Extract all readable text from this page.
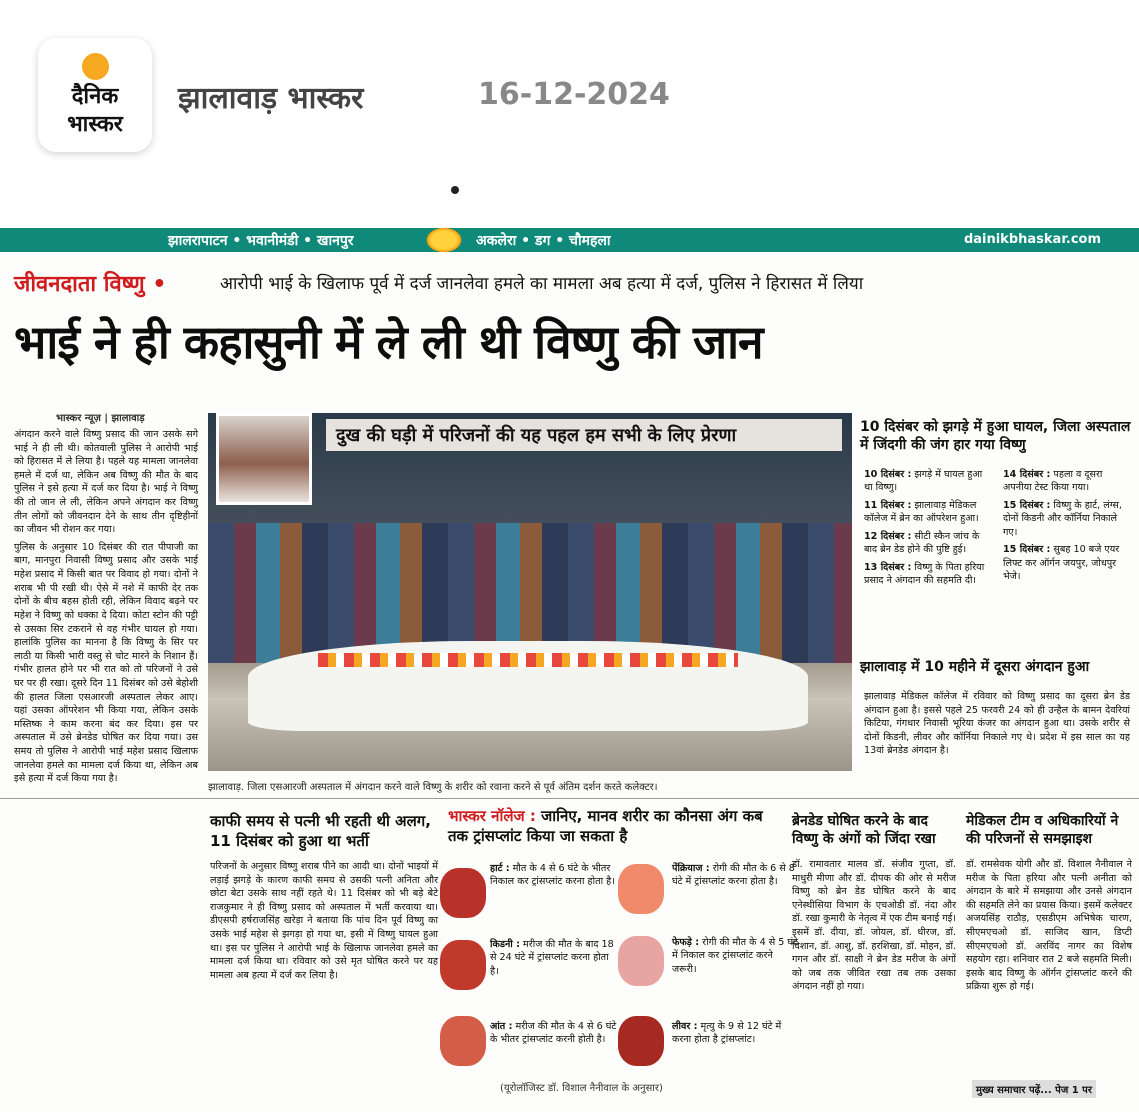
दैनिक
भास्कर
झालावाड़ भास्कर	16-12-2024
झालरापाटन • भवानीमंडी • खानपुर	अकलेरा • डग • चौमहला	dainikbhaskar.com
जीवनदाता विष्णु •	आरोपी भाई के खिलाफ पूर्व में दर्ज जानलेवा हमले का मामला अब हत्या में दर्ज, पुलिस ने हिरासत में लिया
भाई ने ही कहासुनी में ले ली थी विष्णु की जान
भास्कर न्यूज़ | झालावाड़

अंगदान करने वाले विष्णु प्रसाद की जान उसके सगे भाई ने ही ली थी। कोतवाली पुलिस ने आरोपी भाई को हिरासत में ले लिया है। पहले यह मामला जानलेवा हमले में दर्ज था, लेकिन अब विष्णु की मौत के बाद पुलिस ने इसे हत्या में दर्ज कर दिया है। भाई ने विष्णु की तो जान ले ली, लेकिन अपने अंगदान कर विष्णु तीन लोगों को जीवनदान देने के साथ तीन दृष्टिहीनों का जीवन भी रोशन कर गया।

पुलिस के अनुसार 10 दिसंबर की रात पीपाजी का बाग, मानपुरा निवासी विष्णु प्रसाद और उसके भाई महेश प्रसाद में किसी बात पर विवाद हो गया। दोनों ने शराब भी पी रखी थी। ऐसे में नशे में काफी देर तक दोनों के बीच बहस होती रही, लेकिन विवाद बढ़ने पर महेश ने विष्णु को धक्का दे दिया। कोटा स्टोन की पट्टी से उसका सिर टकराने से वह गंभीर घायल हो गया। हालांकि पुलिस का मानना है कि विष्णु के सिर पर लाठी या किसी भारी वस्तु से चोट मारने के निशान हैं। गंभीर हालत होने पर भी रात को तो परिजनों ने उसे घर पर ही रखा। दूसरे दिन 11 दिसंबर को उसे बेहोशी की हालत जिला एसआरजी अस्पताल लेकर आए। यहां उसका ऑपरेशन भी किया गया, लेकिन उसके मस्तिष्क ने काम करना बंद कर दिया। इस पर अस्पताल में उसे ब्रेनडेड घोषित कर दिया गया। उस समय तो पुलिस ने आरोपी भाई महेश प्रसाद खिलाफ जानलेवा हमले का मामला दर्ज किया था, लेकिन अब इसे हत्या में दर्ज किया गया है।

दुख की घड़ी में परिजनों की यह पहल हम सभी के लिए प्रेरणा
झालावाड़. जिला एसआरजी अस्पताल में अंगदान करने वाले विष्णु के शरीर को रवाना करने से पूर्व अंतिम दर्शन करते कलेक्टर।
10 दिसंबर को झगड़े में हुआ घायल, जिला अस्पताल में जिंदगी की जंग हार गया विष्णु

10 दिसंबर : झगड़े में घायल हुआ था विष्णु।

11 दिसंबर : झालावाड़ मेडिकल कॉलेज में ब्रेन का ऑपरेशन हुआ।

12 दिसंबर : सीटी स्कैन जांच के बाद ब्रेन डेड होने की पुष्टि हुई।

13 दिसंबर : विष्णु के पिता हरिया प्रसाद ने अंगदान की सहमति दी।

14 दिसंबर : पहला व दूसरा अपनीया टेस्ट किया गया।

15 दिसंबर : विष्णु के हार्ट, लंग्स, दोनों किडनी और कॉर्निया निकाले गए।

15 दिसंबर : सुबह 10 बजे एयर लिफ्ट कर ऑर्गन जयपुर, जोधपुर भेजे।

झालावाड़ में 10 महीने में दूसरा अंगदान हुआ
झालावाड़ मेडिकल कॉलेज में रविवार को विष्णु प्रसाद का दूसरा ब्रेन डेड अंगदान हुआ है। इससे पहले 25 फरवरी 24 को ही उन्हैल के बामन देवरियां किटिया, गंगधार निवासी भूरिया कंजर का अंगदान हुआ था। उसके शरीर से दोनों किडनी, लीवर और कॉर्निया निकाले गए थे। प्रदेश में इस साल का यह 13वां ब्रेनडेड अंगदान है।
काफी समय से पत्नी भी रहती थी अलग, 11 दिसंबर को हुआ था भर्ती
परिजनों के अनुसार विष्णु शराब पीने का आदी था। दोनों भाइयों में लड़ाई झगड़े के कारण काफी समय से उसकी पत्नी अनिता और छोटा बेटा उसके साथ नहीं रहते थे। 11 दिसंबर को भी बड़े बेटे राजकुमार ने ही विष्णु प्रसाद को अस्पताल में भर्ती करवाया था। डीएसपी हर्षराजसिंह खरेड़ा ने बताया कि पांच दिन पूर्व विष्णु का उसके भाई महेश से झगड़ा हो गया था, इसी में विष्णु घायल हुआ था। इस पर पुलिस ने आरोपी भाई के खिलाफ जानलेवा हमले का मामला दर्ज किया था। रविवार को उसे मृत घोषित करने पर यह मामला अब हत्या में दर्ज कर लिया है।
भास्कर नॉलेज : जानिए, मानव शरीर का कौनसा अंग कब तक ट्रांसप्लांट किया जा सकता है
हार्ट : मौत के 4 से 6 घंटे के भीतर निकाल कर ट्रांसप्लांट करना होता है।
पेंक्रियाज : रोगी की मौत के 6 से 8 घंटे में ट्रांसप्लांट करना होता है।
किडनी : मरीज की मौत के बाद 18 से 24 घंटे में ट्रांसप्लांट करना होता है।
फेफड़े : रोगी की मौत के 4 से 5 घंटे में निकाल कर ट्रांसप्लांट करने जरूरी।
आंत : मरीज की मौत के 4 से 6 घंटे के भीतर ट्रांसप्लांट करनी होती है।
लीवर : मृत्यु के 9 से 12 घंटे में करना होता है ट्रांसप्लांट।
(यूरोलॉजिस्ट डॉ. विशाल नैनीवाल के अनुसार)
ब्रेनडेड घोषित करने के बाद विष्णु के अंगों को जिंदा रखा
डॉ. रामावतार मालव डॉ. संजीव गुप्ता, डॉ. माधुरी मीणा और डॉ. दीपक की ओर से मरीज विष्णु को ब्रेन डेड घोषित करने के बाद एनेस्थीसिया विभाग के एचओडी डॉ. नंदा और डॉ. रखा कुमारी के नेतृत्व में एक टीम बनाई गई। इसमें डॉ. दीया, डॉ. जोयल, डॉ. धीरज, डॉ. विशान, डॉ. आशु, डॉ. हरशिखा, डॉ. मोहन, डॉ. गगन और डॉ. साक्षी ने ब्रेन डेड मरीज के अंगों को जब तक जीवित रखा तब तक उसका अंगदान नहीं हो गया।
मेडिकल टीम व अधिकारियों ने की परिजनों से समझाइश
डॉ. रामसेवक योगी और डॉ. विशाल नैनीवाल ने मरीज के पिता हरिया और पत्नी अनीता को अंगदान के बारे में समझाया और उनसे अंगदान की सहमति लेने का प्रयास किया। इसमें कलेक्टर अजयसिंह राठौड़, एसडीएम अभिषेक चारण, सीएमएचओ डॉ. साजिद खान, डिप्टी सीएमएचओ डॉ. अरविंद नागर का विशेष सहयोग रहा। शनिवार रात 2 बजे सहमति मिली। इसके बाद विष्णु के ऑर्गन ट्रांसप्लांट करने की प्रक्रिया शुरू हो गई।
मुख्य समाचार पढ़ें... पेज 1 पर
